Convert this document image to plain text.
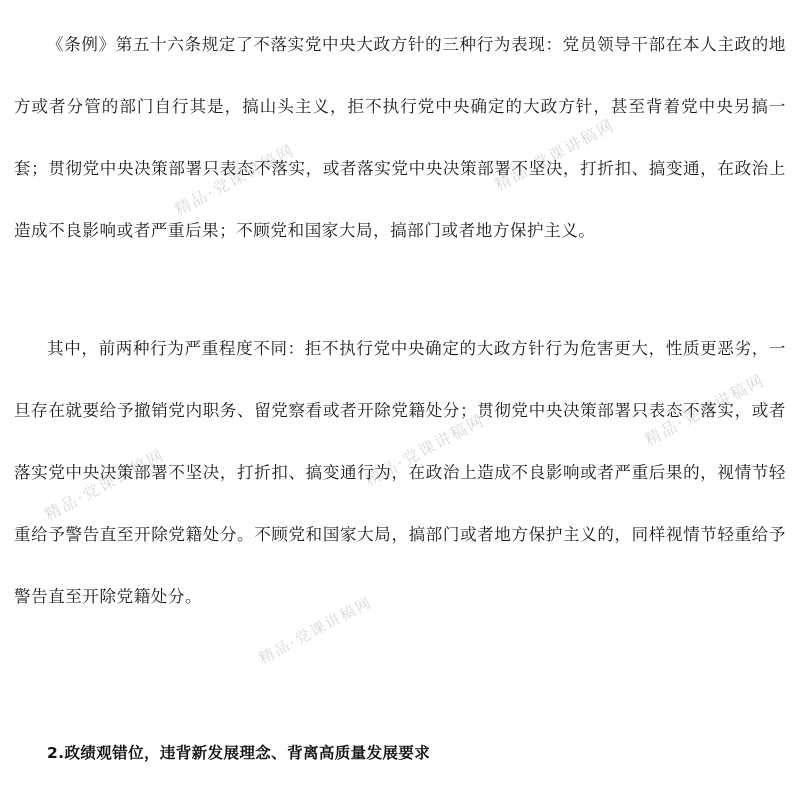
精品·党课讲稿网	精品·党课讲稿网
精品·党课讲稿网	精品·党课讲稿网
精品·党课讲稿网
精品·党课讲稿网

《条例》第五十六条规定了不落实党中央大政方针的三种行为表现：党员领导干部在本人主政的地方或者分管的部门自行其是，搞山头主义，拒不执行党中央确定的大政方针，甚至背着党中央另搞一套；贯彻党中央决策部署只表态不落实，或者落实党中央决策部署不坚决，打折扣、搞变通，在政治上造成不良影响或者严重后果；不顾党和国家大局，搞部门或者地方保护主义。

其中，前两种行为严重程度不同：拒不执行党中央确定的大政方针行为危害更大，性质更恶劣，一旦存在就要给予撤销党内职务、留党察看或者开除党籍处分；贯彻党中央决策部署只表态不落实，或者落实党中央决策部署不坚决，打折扣、搞变通行为，在政治上造成不良影响或者严重后果的，视情节轻重给予警告直至开除党籍处分。不顾党和国家大局，搞部门或者地方保护主义的，同样视情节轻重给予警告直至开除党籍处分。

2.政绩观错位，违背新发展理念、背离高质量发展要求
